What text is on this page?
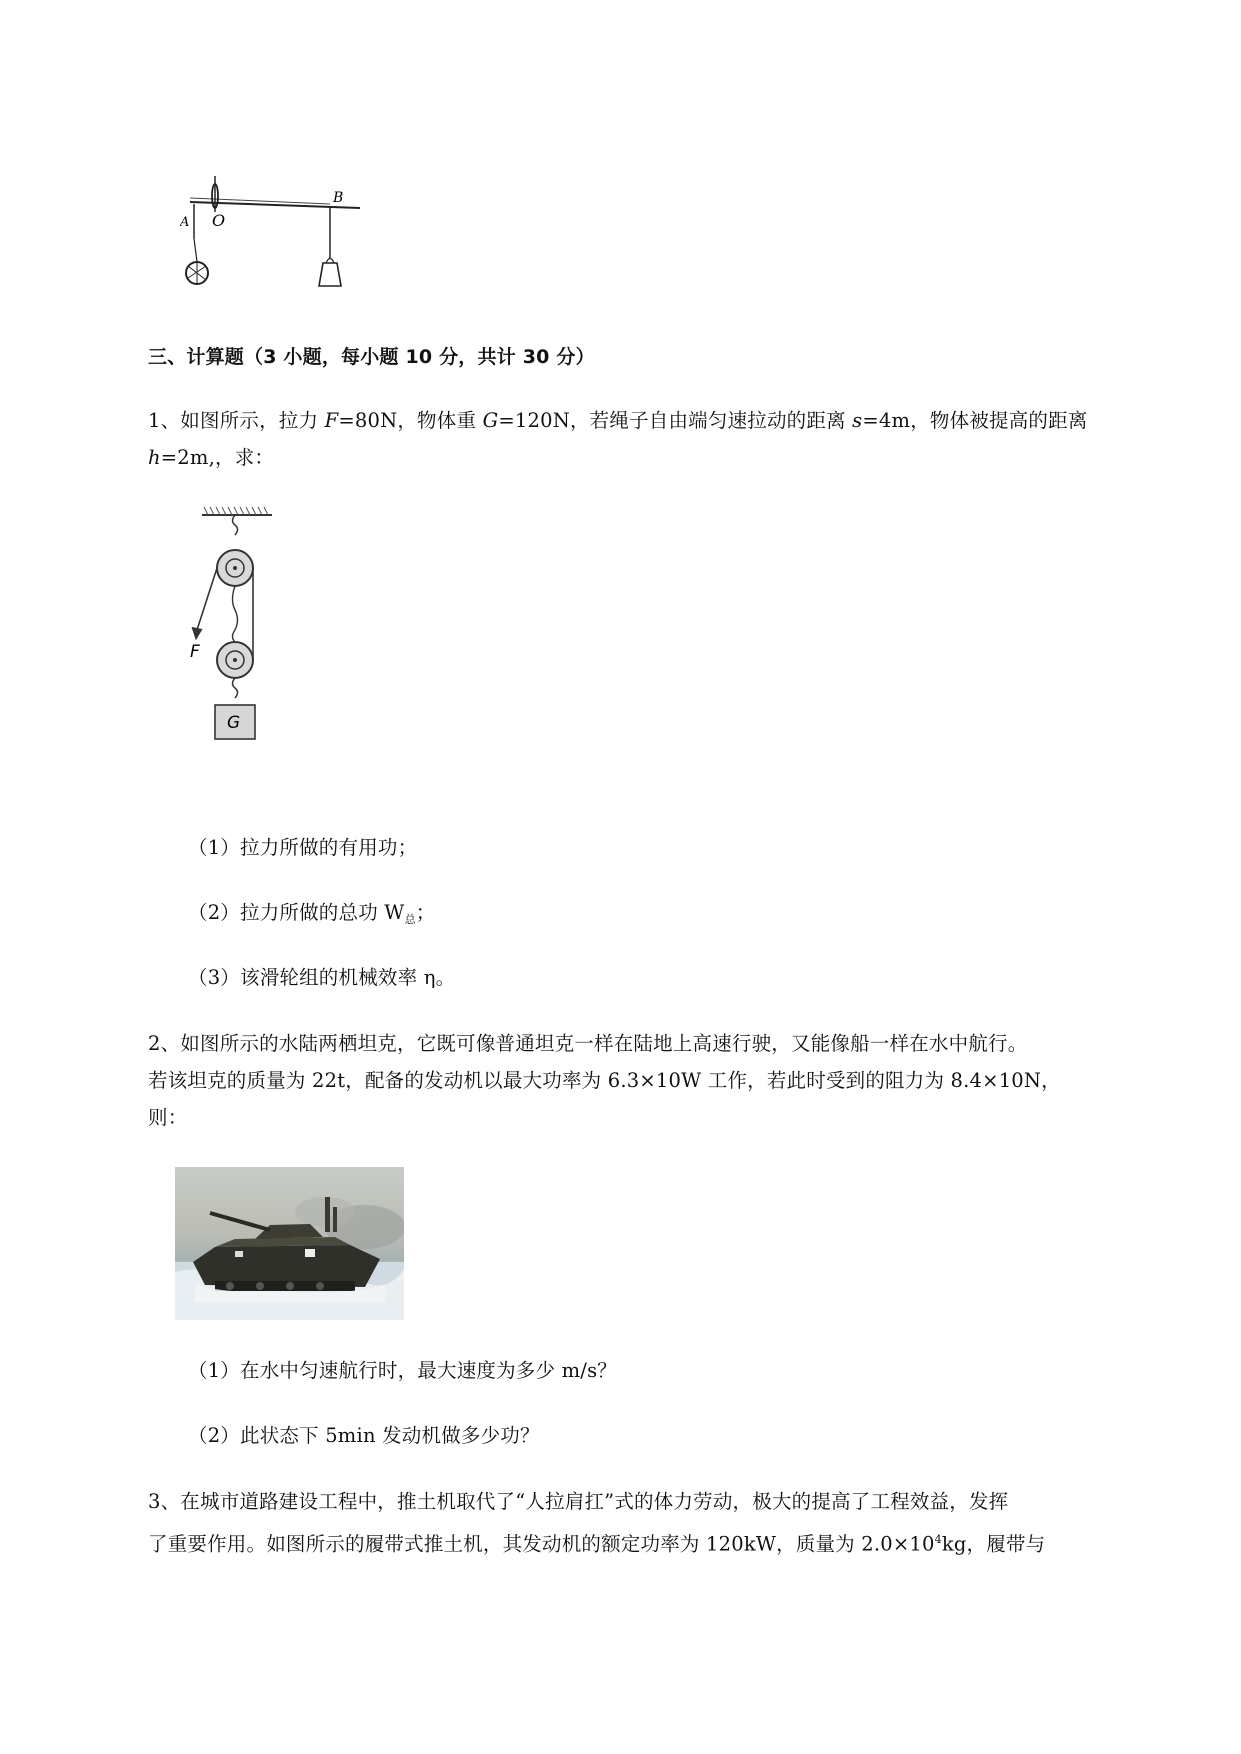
A O
B
三、计算题（3 小题，每小题 10 分，共计 30 分）
1、如图所示，拉力 F=80N，物体重 G=120N，若绳子自由端匀速拉动的距离 s=4m，物体被提高的距离
h=2m,，求：
F
G
（1）拉力所做的有用功；
（2）拉力所做的总功 $W_总$；
（3）该滑轮组的机械效率 η。
2、如图所示的水陆两栖坦克，它既可像普通坦克一样在陆地上高速行驶，又能像船一样在水中航行。
若该坦克的质量为 22t，配备的发动机以最大功率为 6.3×10W 工作，若此时受到的阻力为 8.4×10N，
则：
（1）在水中匀速航行时，最大速度为多少 m/s？
（2）此状态下 5min 发动机做多少功？
3、在城市道路建设工程中，推土机取代了“人拉肩扛”式的体力劳动，极大的提高了工程效益，发挥
了重要作用。如图所示的履带式推土机，其发动机的额定功率为 120kW，质量为 $2.0\times 10^4kg$，履带与
